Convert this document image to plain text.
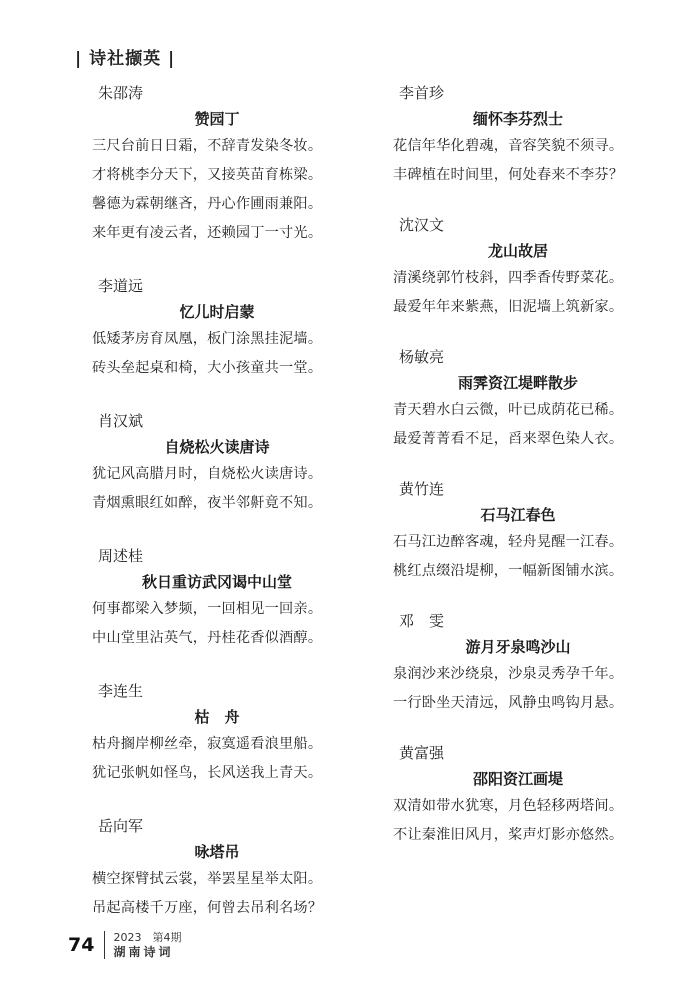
| 诗社撷英 |
朱邵涛
赞园丁
三尺台前日日霜，不辞青发染冬妆。
才将桃李分天下，又接英苗育栋梁。
馨德为霖朝继吝，丹心作圃雨兼阳。
来年更有凌云者，还赖园丁一寸光。
李道远
忆儿时启蒙
低矮茅房育凤凰，板门涂黑挂泥墙。
砖头垒起桌和椅，大小孩童共一堂。
肖汉斌
自烧松火读唐诗
犹记风高腊月时，自烧松火读唐诗。
青烟熏眼红如醉，夜半邻鼾竟不知。
周述桂
秋日重访武冈谒中山堂
何事都梁入梦频，一回相见一回亲。
中山堂里沾英气，丹桂花香似酒醇。
李连生
枯　舟
枯舟搁岸柳丝牵，寂寞遥看浪里船。
犹记张帆如怪鸟，长风送我上青天。
岳向军
咏塔吊
横空探臂拭云裳，举罢星星举太阳。
吊起高楼千万座，何曾去吊利名场？
李首珍
缅怀李芬烈士
花信年华化碧魂，音容笑貌不须寻。
丰碑植在时间里，何处春来不李芬？
沈汉文
龙山故居
清溪绕郭竹枝斜，四季香传野菜花。
最爱年年来紫燕，旧泥墙上筑新家。
杨敏亮
雨霁资江堤畔散步
青天碧水白云微，叶已成荫花已稀。
最爱菁菁看不足，舀来翠色染人衣。
黄竹连
石马江春色
石马江边醉客魂，轻舟晃醒一江春。
桃红点缀沿堤柳，一幅新图铺水滨。
邓　雯
游月牙泉鸣沙山
泉润沙来沙绕泉，沙泉灵秀孕千年。
一行卧坐天清远，风静虫鸣钩月悬。
黄富强
邵阳资江画堤
双清如带水犹寒，月色轻移两塔间。
不让秦淮旧风月，桨声灯影亦悠然。
74 2023　第4期
湖南诗词
